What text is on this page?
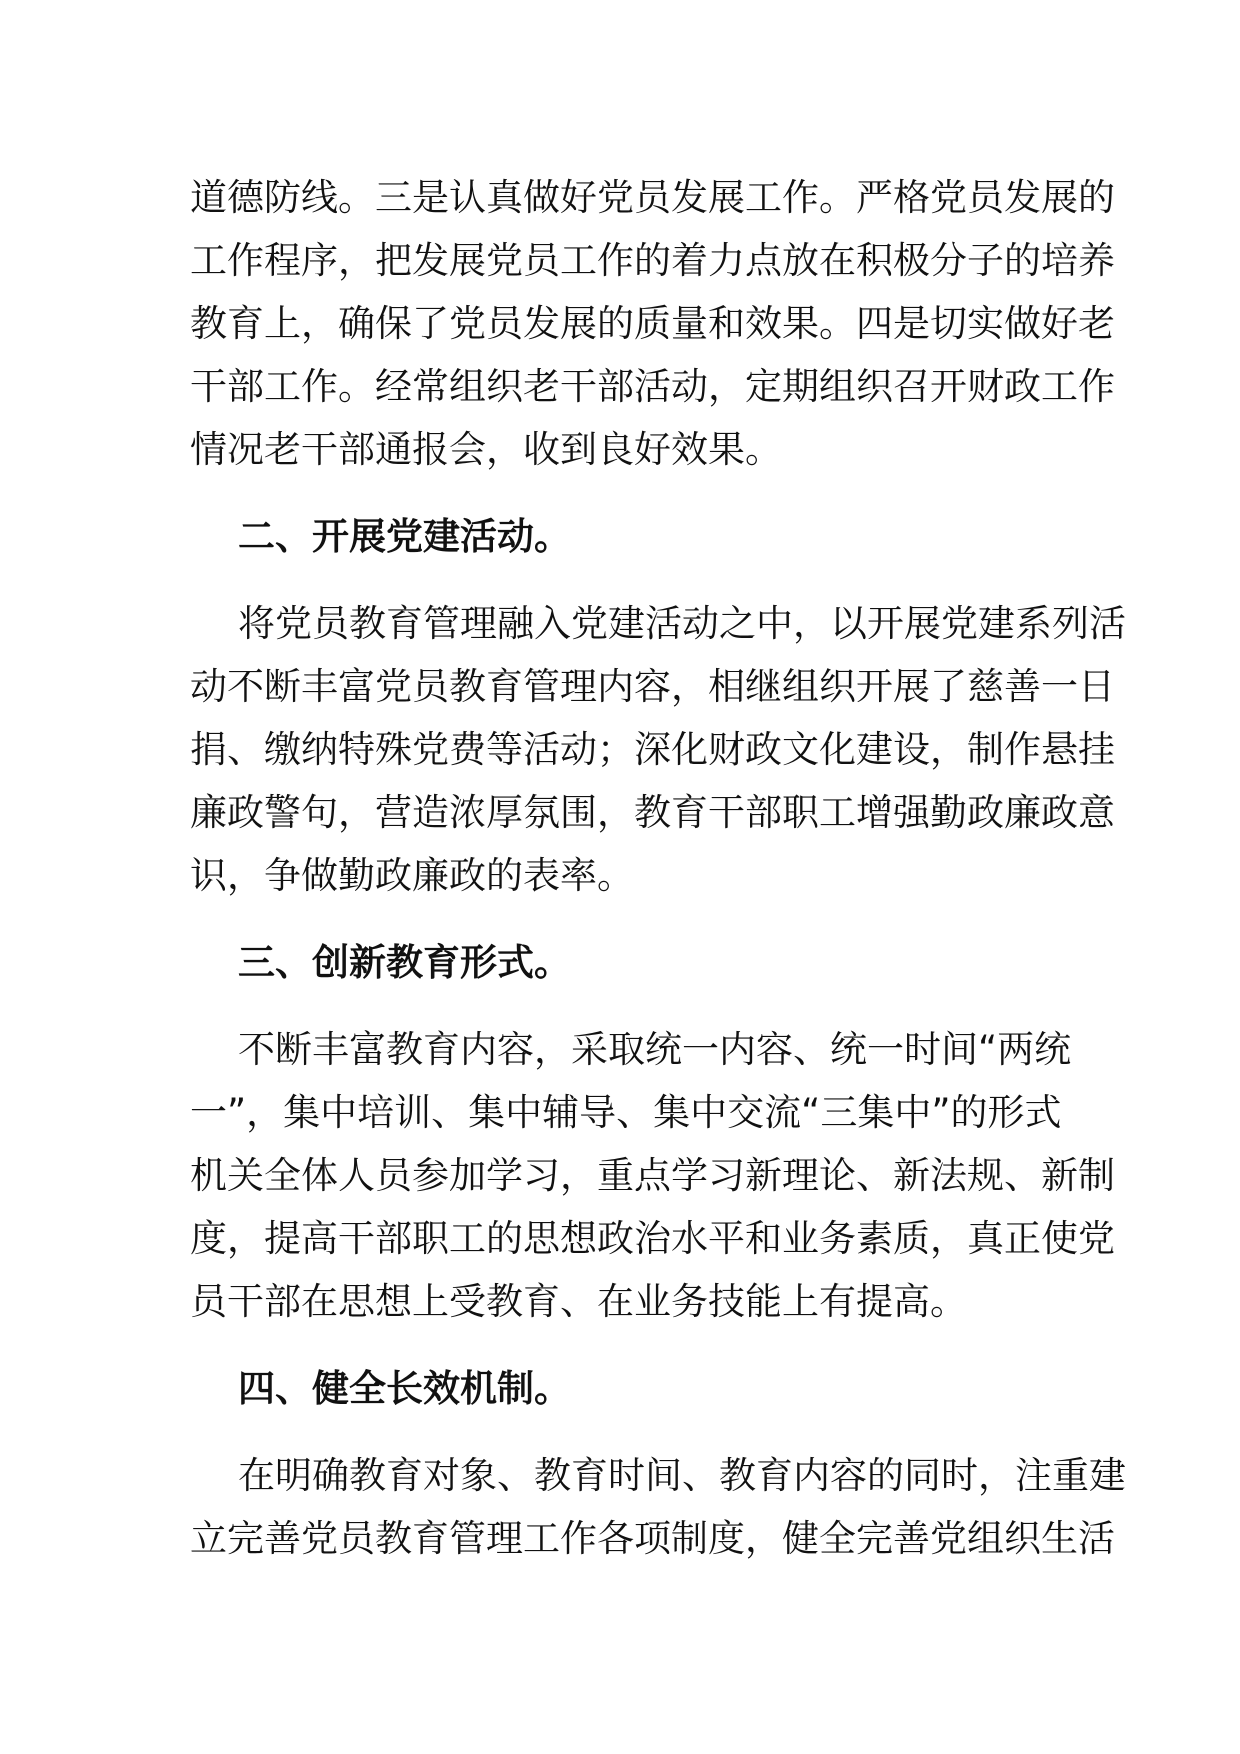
道德防线。三是认真做好党员发展工作。严格党员发展的
工作程序，把发展党员工作的着力点放在积极分子的培养
教育上，确保了党员发展的质量和效果。四是切实做好老
干部工作。经常组织老干部活动，定期组织召开财政工作
情况老干部通报会，收到良好效果。
二、开展党建活动。
将党员教育管理融入党建活动之中，以开展党建系列活
动不断丰富党员教育管理内容，相继组织开展了慈善一日
捐、缴纳特殊党费等活动；深化财政文化建设，制作悬挂
廉政警句，营造浓厚氛围，教育干部职工增强勤政廉政意
识，争做勤政廉政的表率。
三、创新教育形式。
不断丰富教育内容，采取统一内容、统一时间“两统
一”，集中培训、集中辅导、集中交流“三集中”的形式
机关全体人员参加学习，重点学习新理论、新法规、新制
度，提高干部职工的思想政治水平和业务素质，真正使党
员干部在思想上受教育、在业务技能上有提高。
四、健全长效机制。
在明确教育对象、教育时间、教育内容的同时，注重建
立完善党员教育管理工作各项制度，健全完善党组织生活
